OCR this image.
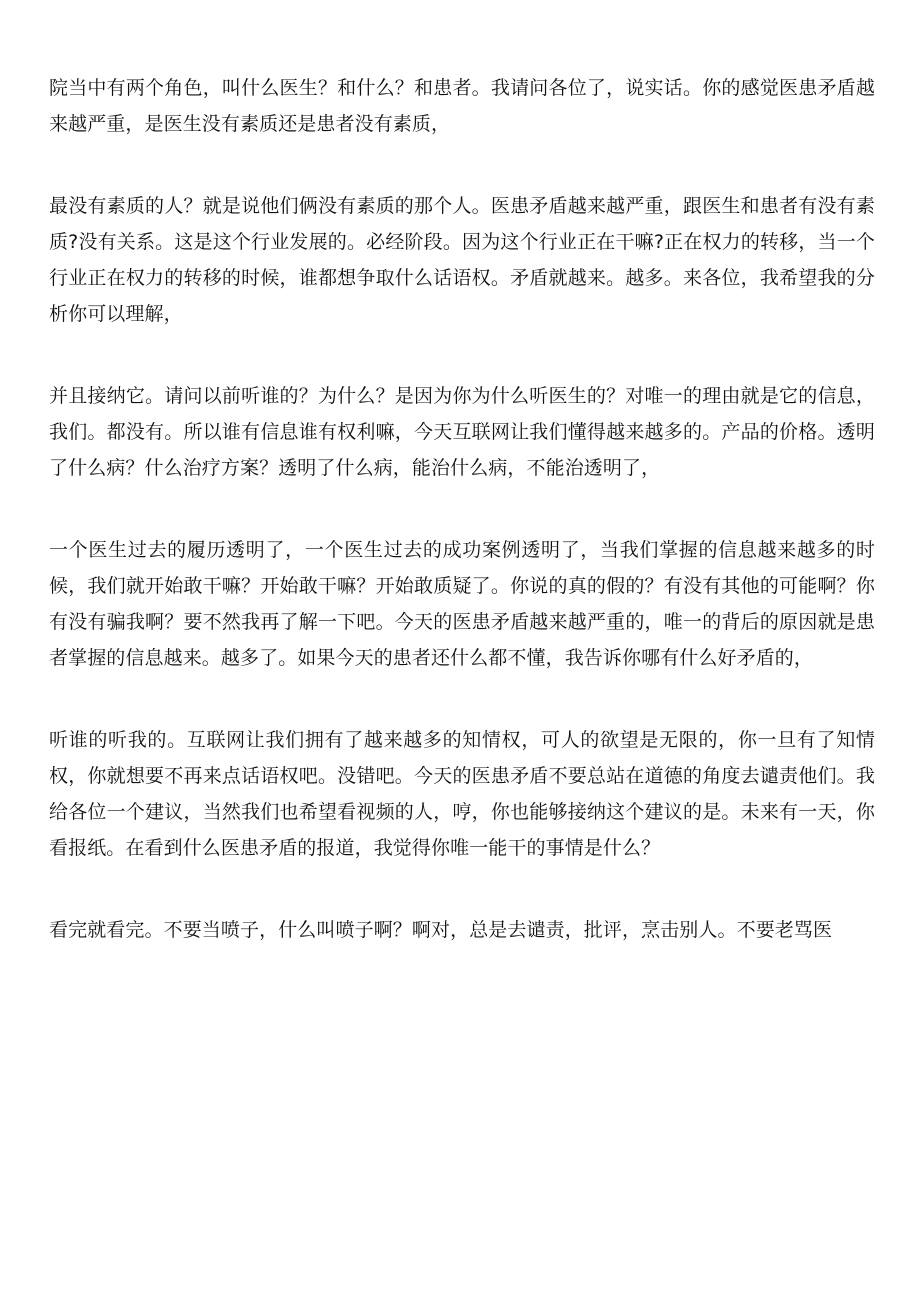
院当中有两个角色，叫什么医生？和什么？和患者。我请问各位了，说实话。你的感觉医患矛盾越来越严重，是医生没有素质还是患者没有素质，

最没有素质的人？就是说他们俩没有素质的那个人。医患矛盾越来越严重，跟医生和患者有没有素质?没有关系。这是这个行业发展的。必经阶段。因为这个行业正在干嘛?正在权力的转移，当一个行业正在权力的转移的时候，谁都想争取什么话语权。矛盾就越来。越多。来各位，我希望我的分析你可以理解，

并且接纳它。请问以前听谁的？为什么？是因为你为什么听医生的？对唯一的理由就是它的信息，我们。都没有。所以谁有信息谁有权利嘛，今天互联网让我们懂得越来越多的。产品的价格。透明了什么病？什么治疗方案？透明了什么病，能治什么病，不能治透明了，

一个医生过去的履历透明了，一个医生过去的成功案例透明了，当我们掌握的信息越来越多的时候，我们就开始敢干嘛？开始敢干嘛？开始敢质疑了。你说的真的假的？有没有其他的可能啊？你有没有骗我啊？要不然我再了解一下吧。今天的医患矛盾越来越严重的，唯一的背后的原因就是患者掌握的信息越来。越多了。如果今天的患者还什么都不懂，我告诉你哪有什么好矛盾的，

听谁的听我的。互联网让我们拥有了越来越多的知情权，可人的欲望是无限的，你一旦有了知情权，你就想要不再来点话语权吧。没错吧。今天的医患矛盾不要总站在道德的角度去谴责他们。我给各位一个建议，当然我们也希望看视频的人，哼，你也能够接纳这个建议的是。未来有一天，你看报纸。在看到什么医患矛盾的报道，我觉得你唯一能干的事情是什么？

看完就看完。不要当喷子，什么叫喷子啊？啊对，总是去谴责，批评，烹击别人。不要老骂医
